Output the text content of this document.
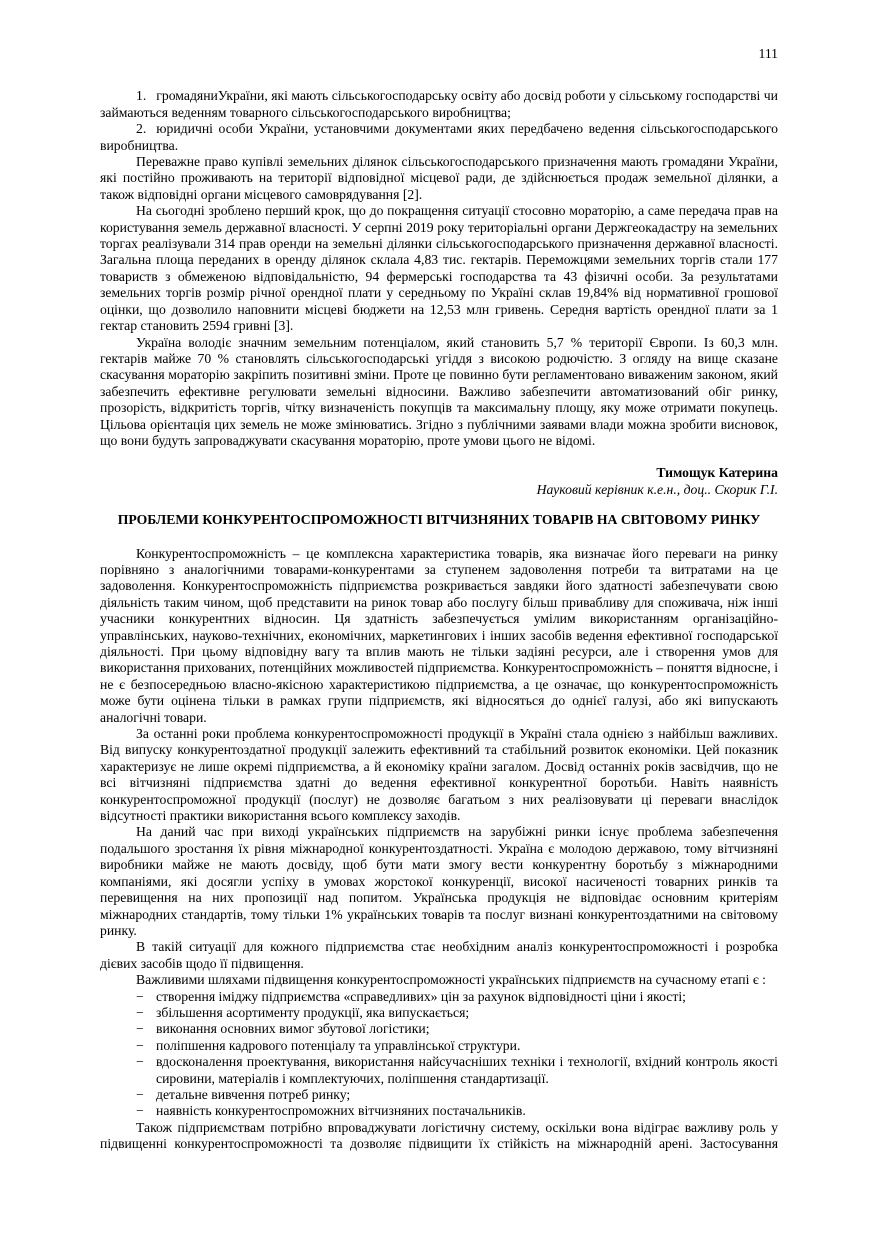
111

1. громадяниУкраїни, які мають сільськогосподарську освіту або досвід роботи у сільському господарстві чи займаються веденням товарного сільськогосподарського виробництва;

2. юридичні особи України, установчими документами яких передбачено ведення сільськогосподарського виробництва.

Переважне право купівлі земельних ділянок сільськогосподарського призначення мають громадяни України, які постійно проживають на території відповідної місцевої ради, де здійснюється продаж земельної ділянки, а також відповідні органи місцевого самоврядування [2].

На сьогодні зроблено перший крок, що до покращення ситуації стосовно мораторію, а саме передача прав на користування земель державної власності. У серпні 2019 року територіальні органи Держгеокадастру на земельних торгах реалізували 314 прав оренди на земельні ділянки сільськогосподарського призначення державної власності. Загальна площа переданих в оренду ділянок склала 4,83 тис. гектарів. Переможцями земельних торгів стали 177 товариств з обмеженою відповідальністю, 94 фермерські господарства та 43 фізичні особи. За результатами земельних торгів розмір річної орендної плати у середньому по Україні склав 19,84% від нормативної грошової оцінки, що дозволило наповнити місцеві бюджети на 12,53 млн гривень. Середня вартість орендної плати за 1 гектар становить 2594 гривні [3].

Україна володіє значним земельним потенціалом, який становить 5,7 % території Європи. Із 60,3 млн. гектарів майже 70 % становлять сільськогосподарські угіддя з високою родючістю. З огляду на вище сказане скасування мораторію закріпить позитивні зміни. Проте це повинно бути регламентовано виваженим законом, який забезпечить ефективне регулювати земельні відносини. Важливо забезпечити автоматизований обіг ринку, прозорість, відкритість торгів, чітку визначеність покупців та максимальну площу, яку може отримати покупець. Цільова орієнтація цих земель не може змінюватись. Згідно з публічними заявами влади можна зробити висновок, що вони будуть запроваджувати скасування мораторію, проте умови цього не відомі.

Тимощук Катерина
Науковий керівник к.е.н., доц.. Скорик Г.І.

ПРОБЛЕМИ КОНКУРЕНТОСПРОМОЖНОСТІ ВІТЧИЗНЯНИХ ТОВАРІВ НА СВІТОВОМУ РИНКУ

Конкурентоспроможність – це комплексна характеристика товарів, яка визначає його переваги на ринку порівняно з аналогічними товарами-конкурентами за ступенем задоволення потреби та витратами на це задоволення. Конкурентоспроможність підприємства розкривається завдяки його здатності забезпечувати свою діяльність таким чином, щоб представити на ринок товар або послугу більш привабливу для споживача, ніж інші учасники конкурентних відносин. Ця здатність забезпечується умілим використанням організаційно-управлінських, науково-технічних, економічних, маркетингових і інших засобів ведення ефективної господарської діяльності. При цьому відповідну вагу та вплив мають не тільки задіяні ресурси, але і створення умов для використання прихованих, потенційних можливостей підприємства. Конкурентоспроможність – поняття відносне, і не є безпосередньою власно-якісною характеристикою підприємства, а це означає, що конкурентоспроможність може бути оцінена тільки в рамках групи підприємств, які відносяться до однієї галузі, або які випускають аналогічні товари.

За останні роки проблема конкурентоспроможності продукції в Україні стала однією з найбільш важливих. Від випуску конкурентоздатної продукції залежить ефективний та стабільний розвиток економіки. Цей показник характеризує не лише окремі підприємства, а й економіку країни загалом. Досвід останніх років засвідчив, що не всі вітчизняні підприємства здатні до ведення ефективної конкурентної боротьби. Навіть наявність конкурентоспроможної продукції (послуг) не дозволяє багатьом з них реалізовувати ці переваги внаслідок відсутності практики використання всього комплексу заходів.

На даний час при виході українських підприємств на зарубіжні ринки існує проблема забезпечення подальшого зростання їх рівня міжнародної конкурентоздатності. Україна є молодою державою, тому вітчизняні виробники майже не мають досвіду, щоб бути мати змогу вести конкурентну боротьбу з міжнародними компаніями, які досягли успіху в умовах жорстокої конкуренції, високої насиченості товарних ринків та перевищення на них пропозиції над попитом. Українська продукція не відповідає основним критеріям міжнародних стандартів, тому тільки 1% українських товарів та послуг визнані конкурентоздатними на світовому ринку.

В такій ситуації для кожного підприємства стає необхідним аналіз конкурентоспроможності і розробка дієвих засобів щодо її підвищення.

Важливими шляхами підвищення конкурентоспроможності українських підприємств на сучасному етапі є :

− створення іміджу підприємства «справедливих» цін за рахунок відповідності ціни і якості;
− збільшення асортименту продукції, яка випускається;
− виконання основних вимог збутової логістики;
− поліпшення кадрового потенціалу та управлінської структури.
− вдосконалення проектування, використання найсучасніших техніки і технології, вхідний контроль якості сировини, матеріалів і комплектуючих, поліпшення стандартизації.
− детальне вивчення потреб ринку;
− наявність конкурентоспроможних вітчизняних постачальників.

Також підприємствам потрібно впроваджувати логістичну систему, оскільки вона відіграє важливу роль у підвищенні конкурентоспроможності та дозволяє підвищити їх стійкість на міжнародній арені. Застосування
